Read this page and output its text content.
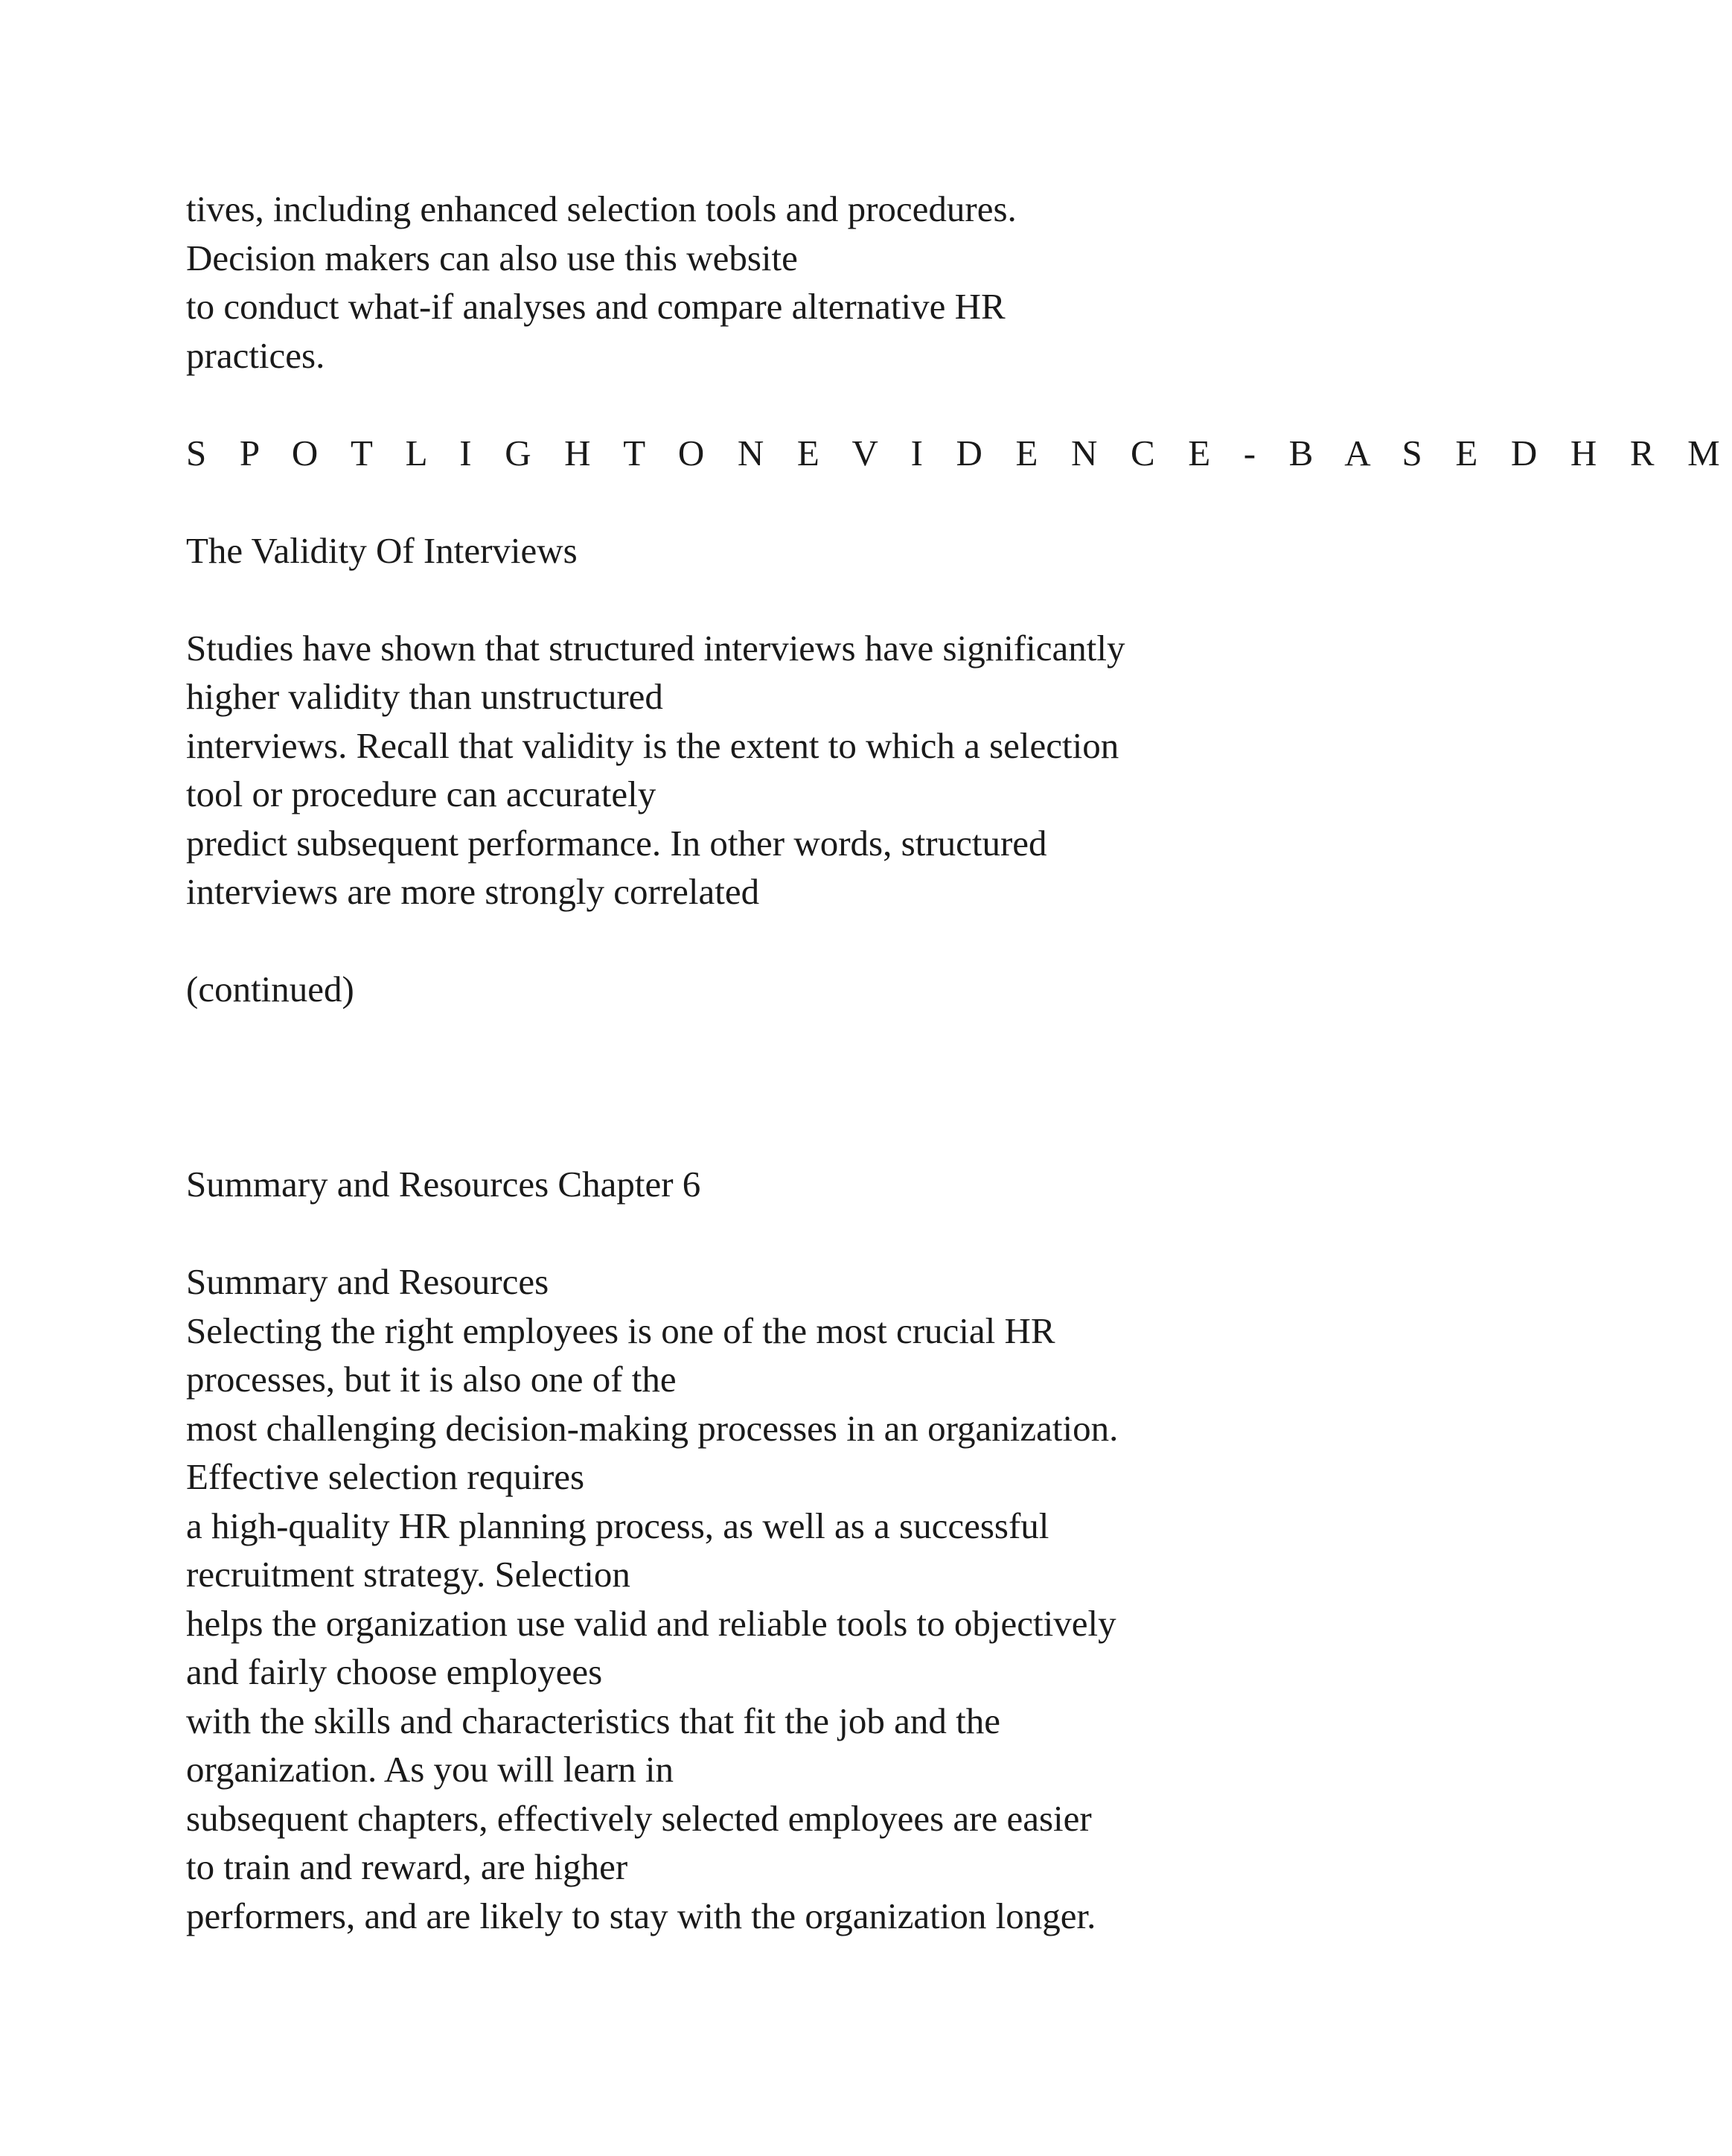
tives, including enhanced selection tools and procedures.
Decision makers can also use this website
to conduct what-if analyses and compare alternative HR
practices.
S P O T L I G H T O N E V I D E N C E - B A S E D H R M
The Validity Of Interviews
Studies have shown that structured interviews have significantly
higher validity than unstructured
interviews. Recall that validity is the extent to which a selection
tool or procedure can accurately
predict subsequent performance. In other words, structured
interviews are more strongly correlated
(continued)
Summary and Resources Chapter 6
Summary and Resources
Selecting the right employees is one of the most crucial HR
processes, but it is also one of the
most challenging decision-making processes in an organization.
Effective selection requires
a high-quality HR planning process, as well as a successful
recruitment strategy. Selection
helps the organization use valid and reliable tools to objectively
and fairly choose employees
with the skills and characteristics that fit the job and the
organization. As you will learn in
subsequent chapters, effectively selected employees are easier
to train and reward, are higher
performers, and are likely to stay with the organization longer.
